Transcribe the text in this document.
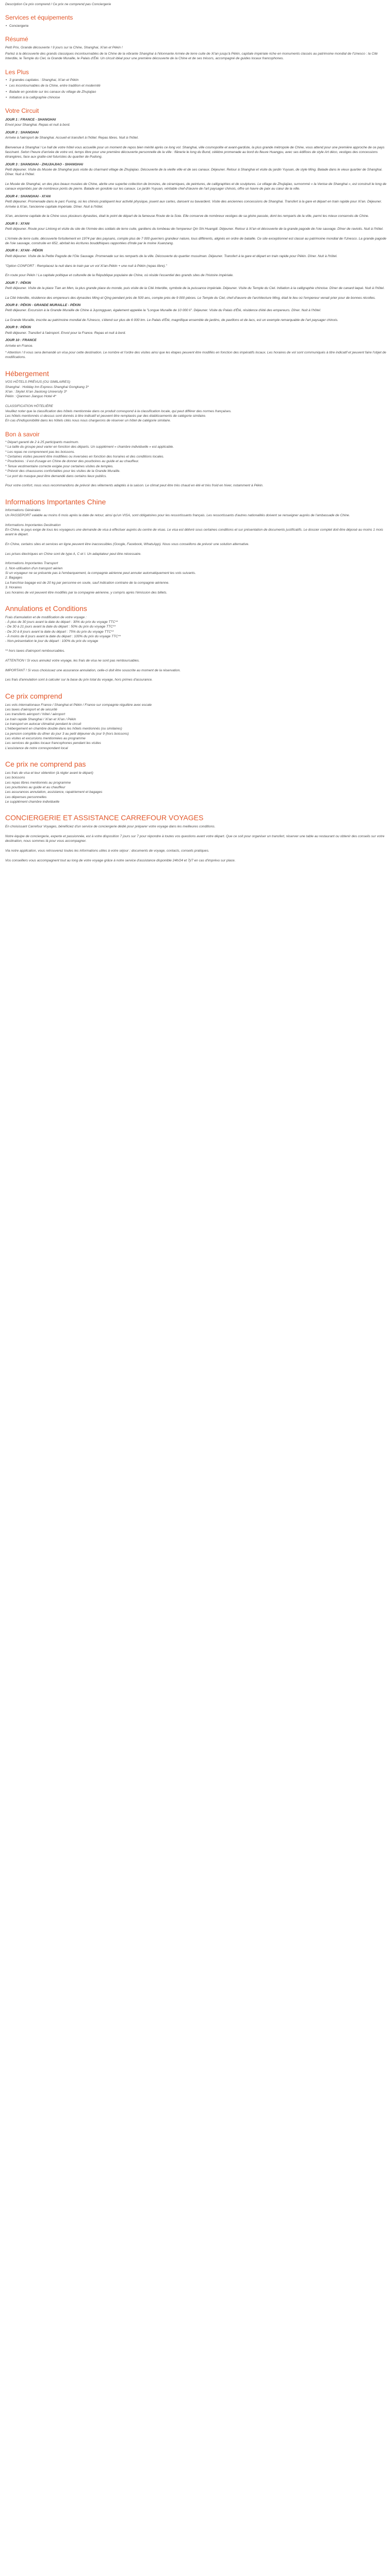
Description Ce prix comprend / Ce prix ne comprend pas Conciergerie

Services et équipements
• Conciergerie
Résumé

Petit Prix, Grande découverte ! 9 jours sur la Chine, Shanghai, Xi'an et Pékin !

Partez à la découverte des grands classiques incontournables de la Chine de la vibrante Shanghai à l'étonnante Armée de terre cuite de Xi'an jusqu'à Pékin, capitale impériale riche en monuments classés au patrimoine mondial de l'Unesco : la Cité Interdite, le Temple du Ciel, la Grande Muraille, le Palais d'Été. Un circuit idéal pour une première découverte de la Chine et de ses trésors, accompagné de guides locaux francophones.

Les Plus
• 3 grandes capitales : Shanghai, Xi'an et Pékin
• Les incontournables de la Chine, entre tradition et modernité
• Balade en gondole sur les canaux du village de Zhujiajiao
• Initiation à la calligraphie chinoise
Votre Circuit
JOUR 1 : FRANCE - SHANGHAI
Envol pour Shanghai. Repas et nuit à bord.
JOUR 2 : SHANGHAI
Arrivée à l'aéroport de Shanghai. Accueil et transfert à l'hôtel. Repas libres. Nuit à l'hôtel.

Bienvenue à Shanghai ! Le hall de votre hôtel vous accueille pour un moment de repos bien mérité après ce long vol. Shanghai, ville cosmopolite et avant-gardiste, la plus grande métropole de Chine, vous attend pour une première approche de ce pays fascinant. Selon l'heure d'arrivée de votre vol, temps libre pour une première découverte personnelle de la ville : flânerie le long du Bund, célèbre promenade au bord du fleuve Huangpu, avec ses édifices de style Art déco, vestiges des concessions étrangères, face aux gratte-ciel futuristes du quartier de Pudong.
JOUR 3 : SHANGHAI - ZHUJIAJIAO - SHANGHAI
Petit déjeuner. Visite du Musée de Shanghai puis visite du charmant village de Zhujiajiao. Découverte de la vieille ville et de ses canaux. Déjeuner. Retour à Shanghai et visite du jardin Yuyuan, de style Ming. Balade dans le vieux quartier de Shanghai. Dîner. Nuit à l'hôtel.

Le Musée de Shanghai, un des plus beaux musées de Chine, abrite une superbe collection de bronzes, de céramiques, de peintures, de calligraphies et de sculptures. Le village de Zhujiajiao, surnommé « la Venise de Shanghai », est construit le long de canaux enjambés par de nombreux ponts de pierre. Balade en gondole sur les canaux. Le jardin Yuyuan, véritable chef-d'œuvre de l'art paysager chinois, offre un havre de paix au cœur de la ville.
JOUR 4 : SHANGHAI - XI'AN
Petit déjeuner. Promenade dans le parc Fuxing, où les chinois pratiquent leur activité physique, jouent aux cartes, dansent ou bavardent. Visite des anciennes concessions de Shanghai. Transfert à la gare et départ en train rapide pour Xi'an. Déjeuner. Arrivée à Xi'an, l'ancienne capitale impériale. Dîner. Nuit à l'hôtel.

Xi'an, ancienne capitale de la Chine sous plusieurs dynasties, était le point de départ de la fameuse Route de la Soie. Elle conserve de nombreux vestiges de sa gloire passée, dont les remparts de la ville, parmi les mieux conservés de Chine.
JOUR 5 : XI'AN
Petit déjeuner. Route pour Lintong et visite du site de l'Armée des soldats de terre cuite, gardiens du tombeau de l'empereur Qin Shi Huangdi. Déjeuner. Retour à Xi'an et découverte de la grande pagode de l'oie sauvage. Dîner de raviolis. Nuit à l'hôtel.

L'Armée de terre cuite, découverte fortuitement en 1974 par des paysans, compte plus de 7 000 guerriers grandeur nature, tous différents, alignés en ordre de bataille. Ce site exceptionnel est classé au patrimoine mondial de l'Unesco. La grande pagode de l'oie sauvage, construite en 652, abritait les écritures bouddhiques rapportées d'Inde par le moine Xuanzang.
JOUR 6 : XI'AN - PÉKIN
Petit déjeuner. Visite de la Petite Pagode de l'Oie Sauvage. Promenade sur les remparts de la ville. Découverte du quartier musulman. Déjeuner. Transfert à la gare et départ en train rapide pour Pékin. Dîner. Nuit à l'hôtel.

"Option CONFORT : Remplacez la nuit dans le train par un vol Xi'an-Pékin + une nuit à Pékin (repas libre)."

En route pour Pékin ! La capitale politique et culturelle de la République populaire de Chine, où réside l'essentiel des grands sites de l'histoire impériale.
JOUR 7 : PÉKIN
Petit déjeuner. Visite de la place Tian an Men, la plus grande place du monde, puis visite de la Cité Interdite, symbole de la puissance impériale. Déjeuner. Visite du Temple du Ciel. Initiation à la calligraphie chinoise. Dîner de canard laqué. Nuit à l'hôtel.

La Cité Interdite, résidence des empereurs des dynasties Ming et Qing pendant près de 500 ans, compte près de 9 000 pièces. Le Temple du Ciel, chef-d'œuvre de l'architecture Ming, était le lieu où l'empereur venait prier pour de bonnes récoltes.
JOUR 8 : PÉKIN - GRANDE MURAILLE - PÉKIN
Petit déjeuner. Excursion à la Grande Muraille de Chine à Juyongguan, également appelée la "Longue Muraille de 10 000 li". Déjeuner. Visite du Palais d'Été, résidence d'été des empereurs. Dîner. Nuit à l'hôtel.

La Grande Muraille, inscrite au patrimoine mondial de l'Unesco, s'étend sur plus de 6 000 km. Le Palais d'Été, magnifique ensemble de jardins, de pavillons et de lacs, est un exemple remarquable de l'art paysager chinois.
JOUR 9 : PÉKIN
Petit déjeuner. Transfert à l'aéroport. Envol pour la France. Repas et nuit à bord.
JOUR 10 : FRANCE
Arrivée en France.
* Attention ! Il vous sera demandé un visa pour cette destination. Le nombre et l'ordre des visites ainsi que les étapes peuvent être modifiés en fonction des impératifs locaux. Les horaires de vol sont communiqués à titre indicatif et peuvent faire l'objet de modifications.
Hébergement
VOS HÔTELS PRÉVUS (OU SIMILAIRES)
Shanghai : Holiday Inn Express Shanghai Gongkang 3*
Xi'an : Skytel Xi'an Jiaotong University 3*
Pékin : Qianmen Jianguo Hotel 4*

CLASSIFICATION HÔTELIÈRE
Veuillez noter que la classification des hôtels mentionnée dans ce produit correspond à la classification locale, qui peut différer des normes françaises.
Les hôtels mentionnés ci-dessus sont donnés à titre indicatif et peuvent être remplacés par des établissements de catégorie similaire.
En cas d'indisponibilité dans les hôtels cités nous nous chargerons de réserver un hôtel de catégorie similaire.
Bon à savoir
* Départ garanti de 2 à 25 participants maximum.
* La taille du groupe peut varier en fonction des départs. Un supplément « chambre individuelle » est applicable.
* Les repas ne comprennent pas les boissons.
* Certaines visites peuvent être modifiées ou inversées en fonction des horaires et des conditions locales.
* Pourboires : il est d'usage en Chine de donner des pourboires au guide et au chauffeur.
* Tenue vestimentaire correcte exigée pour certaines visites de temples.
* Prévoir des chaussures confortables pour les visites de la Grande Muraille.
* Le port du masque peut être demandé dans certains lieux publics.

Pour votre confort, nous vous recommandons de prévoir des vêtements adaptés à la saison. Le climat peut être très chaud en été et très froid en hiver, notamment à Pékin.
Informations Importantes Chine
Informations Générales
Un PASSEPORT valable au moins 6 mois après la date de retour, ainsi qu'un VISA, sont obligatoires pour les ressortissants français. Les ressortissants d'autres nationalités doivent se renseigner auprès de l'ambassade de Chine.

Informations Importantes Destination
En Chine, le pays exige de tous les voyageurs une demande de visa à effectuer auprès du centre de visas. Le visa est délivré sous certaines conditions et sur présentation de documents justificatifs. Le dossier complet doit être déposé au moins 1 mois avant le départ.

En Chine, certains sites et services en ligne peuvent être inaccessibles (Google, Facebook, WhatsApp). Nous vous conseillons de prévoir une solution alternative.

Les prises électriques en Chine sont de type A, C et I. Un adaptateur peut être nécessaire.

Informations Importantes Transport
1. Non-utilisation d'un transport aérien
Si un voyageur ne se présente pas à l'embarquement, la compagnie aérienne peut annuler automatiquement les vols suivants.
2. Bagages
La franchise bagage est de 20 kg par personne en soute, sauf indication contraire de la compagnie aérienne.
3. Horaires
Les horaires de vol peuvent être modifiés par la compagnie aérienne, y compris après l'émission des billets.
Annulations et Conditions
Frais d'annulation et de modification de votre voyage :
- À plus de 30 jours avant la date du départ : 30% du prix du voyage TTC**
- De 30 à 21 jours avant la date du départ : 50% du prix du voyage TTC**
- De 20 à 8 jours avant la date du départ : 75% du prix du voyage TTC**
- À moins de 8 jours avant la date du départ : 100% du prix du voyage TTC**
- Non-présentation le jour du départ : 100% du prix du voyage

** hors taxes d'aéroport remboursables.

ATTENTION ! Si vous annulez votre voyage, les frais de visa ne sont pas remboursables.

IMPORTANT ! Si vous choisissez une assurance annulation, celle-ci doit être souscrite au moment de la réservation.

Les frais d'annulation sont à calculer sur la base du prix total du voyage, hors primes d'assurance.
Ce prix comprend
Les vols internationaux France / Shanghai et Pékin / France sur compagnie régulière avec escale
Les taxes d'aéroport et de sécurité
Les transferts aéroport / hôtel / aéroport
Le train rapide Shanghai / Xi'an et Xi'an / Pékin
Le transport en autocar climatisé pendant le circuit
L'hébergement en chambre double dans les hôtels mentionnés (ou similaires)
La pension complète du dîner du jour 3 au petit déjeuner du jour 9 (hors boissons)
Les visites et excursions mentionnées au programme
Les services de guides locaux francophones pendant les visites
L'assistance de notre correspondant local
Ce prix ne comprend pas
Les frais de visa et leur obtention (à régler avant le départ)
Les boissons
Les repas libres mentionnés au programme
Les pourboires au guide et au chauffeur
Les assurances annulation, assistance, rapatriement et bagages
Les dépenses personnelles
Le supplément chambre individuelle
CONCIERGERIE ET ASSISTANCE CARREFOUR VOYAGES
En choisissant Carrefour Voyages, bénéficiez d'un service de conciergerie dédié pour préparer votre voyage dans les meilleures conditions.

Notre équipe de conciergerie, experte et passionnée, est à votre disposition 7 jours sur 7 pour répondre à toutes vos questions avant votre départ. Que ce soit pour organiser un transfert, réserver une table au restaurant ou obtenir des conseils sur votre destination, nous sommes là pour vous accompagner.

Via notre application, vous retrouverez toutes les informations utiles à votre séjour : documents de voyage, contacts, conseils pratiques.

Vos conseillers vous accompagnent tout au long de votre voyage grâce à notre service d'assistance disponible 24h/24 et 7j/7 en cas d'imprévu sur place.
